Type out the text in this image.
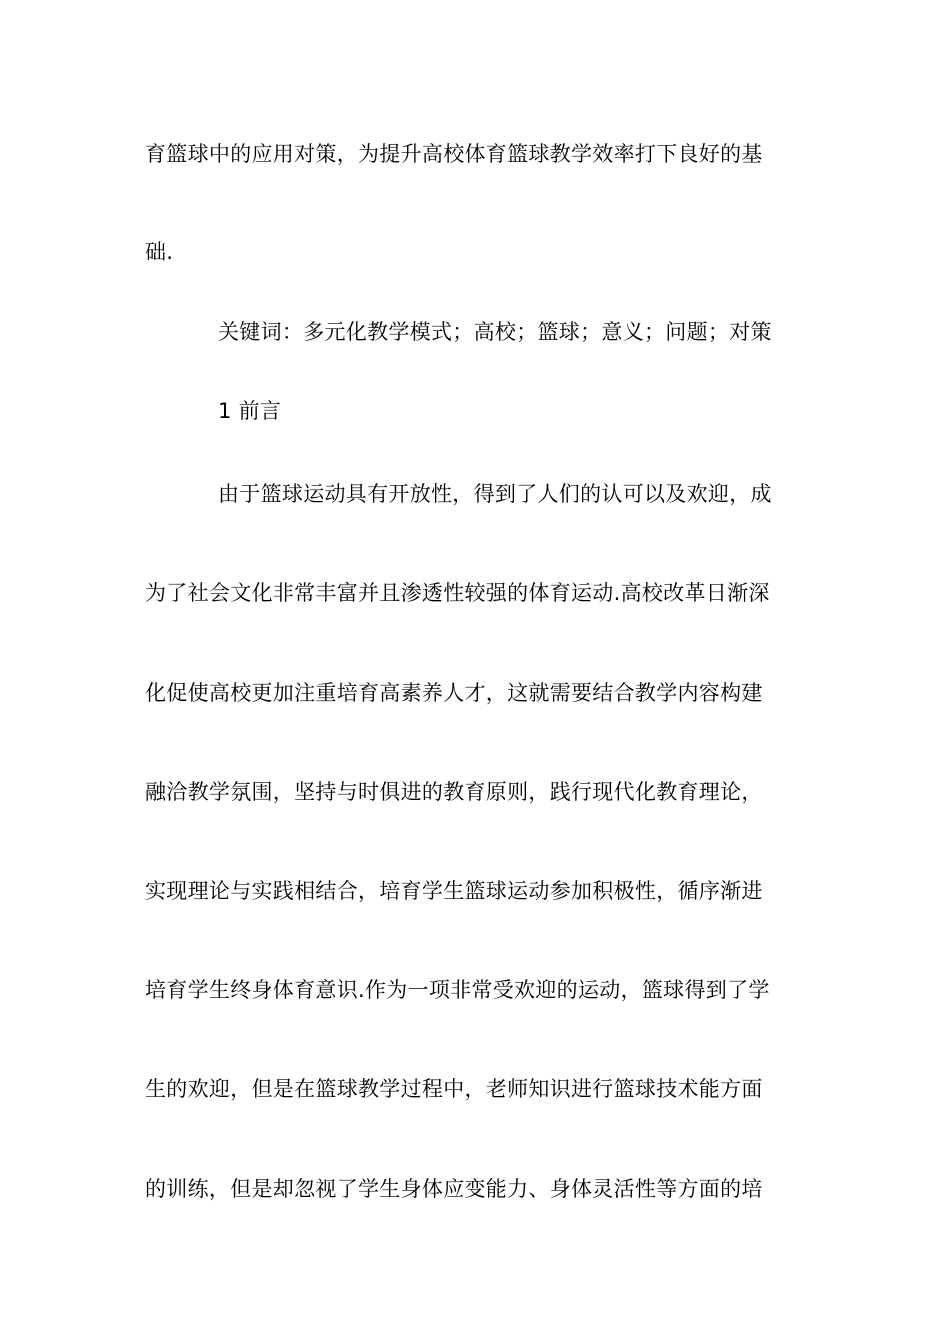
育篮球中的应用对策，为提升高校体育篮球教学效率打下良好的基
础.
关键词：多元化教学模式；高校；篮球；意义；问题；对策
1 前言
由于篮球运动具有开放性，得到了人们的认可以及欢迎，成
为了社会文化非常丰富并且渗透性较强的体育运动.高校改革日渐深
化促使高校更加注重培育高素养人才，这就需要结合教学内容构建
融洽教学氛围，坚持与时俱进的教育原则，践行现代化教育理论，
实现理论与实践相结合，培育学生篮球运动参加积极性，循序渐进
培育学生终身体育意识.作为一项非常受欢迎的运动，篮球得到了学
生的欢迎，但是在篮球教学过程中，老师知识进行篮球技术能方面
的训练，但是却忽视了学生身体应变能力、身体灵活性等方面的培
